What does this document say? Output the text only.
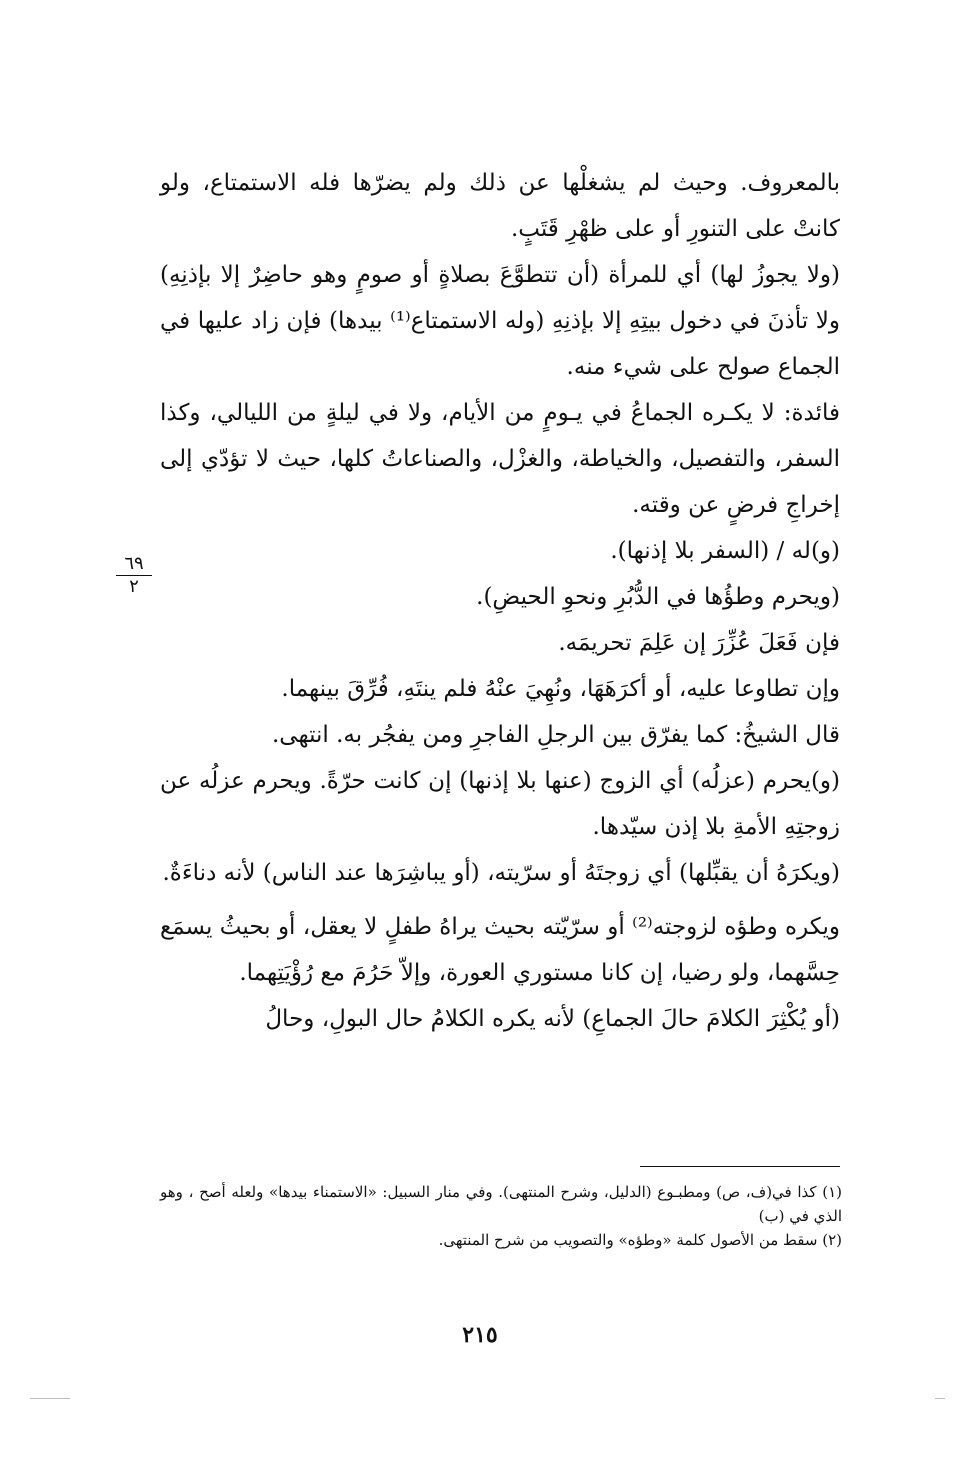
بالمعروف. وحيث لم يشغلْها عن ذلك ولم يضرّها فله الاستمتاع، ولو كانتْ على التنورِ أو على ظهْرِ قَتَبٍ.

(ولا يجوزُ لها) أي للمرأة (أن تتطوَّعَ بصلاةٍ أو صومٍ وهو حاضِرٌ إلا بإذنِهِ) ولا تأذنَ في دخول بيتِهِ إلا بإذنِهِ (وله الاستمتاع⁽¹⁾ بيدها) فإن زاد عليها في الجماع صولح على شيء منه.

فائدة: لا يكـره الجماعُ في يـومٍ من الأيام، ولا في ليلةٍ من الليالي، وكذا السفر، والتفصيل، والخياطة، والغزْل، والصناعاتُ كلها، حيث لا تؤدّي إلى إخراجِ فرضٍ عن وقته.

(و)له / (السفر بلا إذنها).

(ويحرم وطؤُها في الدُّبُرِ ونحوِ الحيضِ).

فإن فَعَلَ عُزِّرَ إن عَلِمَ تحريمَه.

وإن تطاوعا عليه، أو أكرَهَهَا، ونُهِيَ عنْهُ فلم ينتَهِ، فُرِّقَ بينهما.

قال الشيخُ: كما يفرّق بين الرجلِ الفاجرِ ومن يفجُر به. انتهى.

(و)يحرم (عزلُه) أي الزوج (عنها بلا إذنها) إن كانت حرّةً. ويحرم عزلُه عن زوجتِهِ الأمةِ بلا إذن سيّدها.

(ويكرَهُ أن يقبِّلها) أي زوجتَهُ أو سرّيته، (أو يباشِرَها عند الناس) لأنه دناءَةٌ.

ويكره وطؤه لزوجته⁽²⁾ أو سرّيّته بحيث يراهُ طفلٍ لا يعقل، أو بحيثُ يسمَع حِسَّهما، ولو رضيا، إن كانا مستوري العورة، وإلاّ حَرُمَ مع رُؤْيَتِهما.

(أو يُكْثِرَ الكلامَ حالَ الجماعِ) لأنه يكره الكلامُ حال البولِ، وحالُ

٦٩
٢

(١) كذا في(ف، ص) ومطبـوع (الدليل، وشرح المنتهى). وفي منار السبيل: «الاستمناء بيدها» ولعله أصح ، وهو الذي في (ب)

(٢) سقط من الأصول كلمة «وطؤه» والتصويب من شرح المنتهى.

٢١٥
